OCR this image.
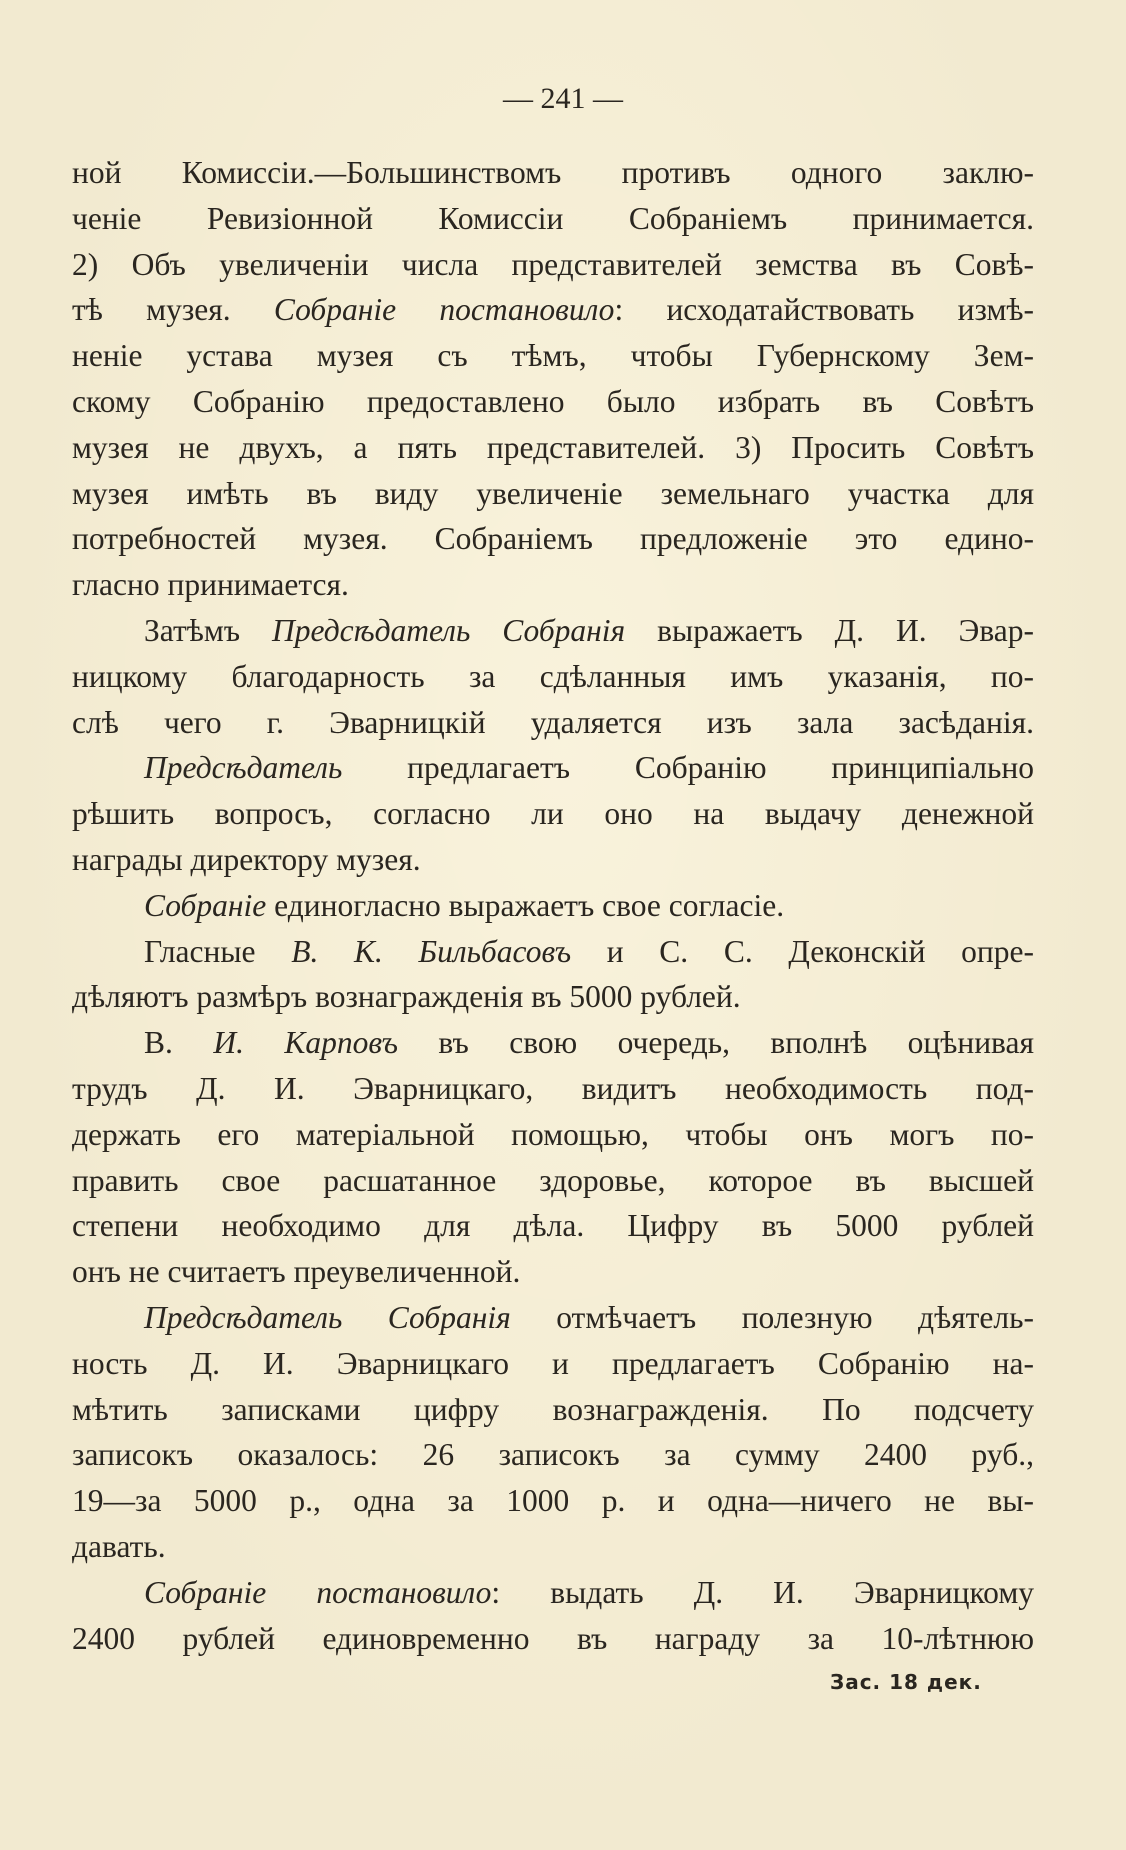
— 241 —
ной Комиссіи.—Большинствомъ противъ одного заклю-
ченіе Ревизіонной Комиссіи Собраніемъ принимается.
2) Объ увеличеніи числа представителей земства въ Совѣ-
тѣ музея. Собраніе постановило: исходатайствовать измѣ-
неніе устава музея съ тѣмъ, чтобы Губернскому Зем-
скому Собранію предоставлено было избрать въ Совѣтъ
музея не двухъ, а пять представителей. 3) Просить Совѣтъ
музея имѣть въ виду увеличеніе земельнаго участка для
потребностей музея. Собраніемъ предложеніе это едино-
гласно принимается.
Затѣмъ Предсѣдатель Собранія выражаетъ Д. И. Эвар-
ницкому благодарность за сдѣланныя имъ указанія, по-
слѣ чего г. Эварницкій удаляется изъ зала засѣданія.
Предсѣдатель предлагаетъ Собранію принципіально
рѣшить вопросъ, согласно ли оно на выдачу денежной
награды директору музея.
Собраніе единогласно выражаетъ свое согласіе.
Гласные В. К. Бильбасовъ и С. С. Деконскій опре-
дѣляютъ размѣръ вознагражденія въ 5000 рублей.
В. И. Карповъ въ свою очередь, вполнѣ оцѣнивая
трудъ Д. И. Эварницкаго, видитъ необходимость под-
держать его матеріальной помощью, чтобы онъ могъ по-
править свое расшатанное здоровье, которое въ высшей
степени необходимо для дѣла. Цифру въ 5000 рублей
онъ не считаетъ преувеличенной.
Предсѣдатель Собранія отмѣчаетъ полезную дѣятель-
ность Д. И. Эварницкаго и предлагаетъ Собранію на-
мѣтить записками цифру вознагражденія. По подсчету
записокъ оказалось: 26 записокъ за сумму 2400 руб.,
19—за 5000 р., одна за 1000 р. и одна—ничего не вы-
давать.
Собраніе постановило: выдать Д. И. Эварницкому
2400 рублей единовременно въ награду за 10-лѣтнюю
Зас. 18 дек.
